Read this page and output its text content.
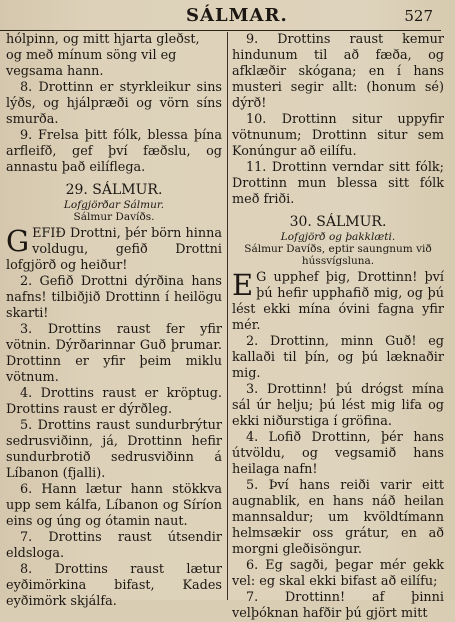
SÁLMAR.	527

hólpinn, og mitt hjarta gleðst,

og með mínum söng vil eg

vegsama hann.

8. Drottinn er styrkleikur sins lýðs, og hjálpræði og vörn síns smurða.

9. Frelsa þitt fólk, blessa þína arfleifð, gef því fæðslu, og annastu það eilíflega.

29. SÁLMUR.

Lofgjörðar Sálmur.

Sálmur Davíðs.

GEFIÐ Drottni, þér börn hinna voldugu, gefið Drottni lofgjörð og heiður!

2. Gefið Drottni dýrðina hans nafns! tilbiðjið Drottinn í heilögu skarti!

3. Drottins raust fer yfir vötnin. Dýrðarinnar Guð þrumar. Drottinn er yfir þeim miklu vötnum.

4. Drottins raust er kröptug. Drottins raust er dýrðleg.

5. Drottins raust sundurbrýtur sedrusviðinn, já, Drottinn hefir sundurbrotið sedrusviðinn á Líbanon (fjalli).

6. Hann lætur hann stökkva upp sem kálfa, Líbanon og Síríon eins og úng og ótamin naut.

7. Drottins raust útsendir eldsloga.

8. Drottins raust lætur eyðimörkina bifast, Kades eyðimörk skjálfa.

9. Drottins raust kemur hindunum til að fæða, og afklæðir skógana; en í hans musteri segir allt: (honum sé) dýrð!

10. Drottinn situr uppyfir vötnunum; Drottinn situr sem Konúngur að eilífu.

11. Drottinn verndar sitt fólk; Drottinn mun blessa sitt fólk með friði.

30. SÁLMUR.

Lofgjörð og þakklæti.

Sálmur Davíðs, eptir saungnum við hússvígsluna.

E G upphef þig, Drottinn! því þú hefir upphafið mig, og þú lést ekki mína óvini fagna yfir mér.

2. Drottinn, minn Guð! eg kallaði til þín, og þú læknaðir mig.

3. Drottinn! þú drógst mína sál úr helju; þú lést mig lifa og ekki niðurstiga í gröfina.

4. Lofið Drottinn, þér hans útvöldu, og vegsamið hans heilaga nafn!

5. Því hans reiði varir eitt augnablik, en hans náð heilan mannsaldur; um kvöldtímann helmsækir oss grátur, en að morgni gleðisöngur.

6. Eg sagði, þegar mér gekk vel: eg skal ekki bifast að eilífu;

7. Drottinn! af þinni velþóknan hafðir þú gjört mitt
